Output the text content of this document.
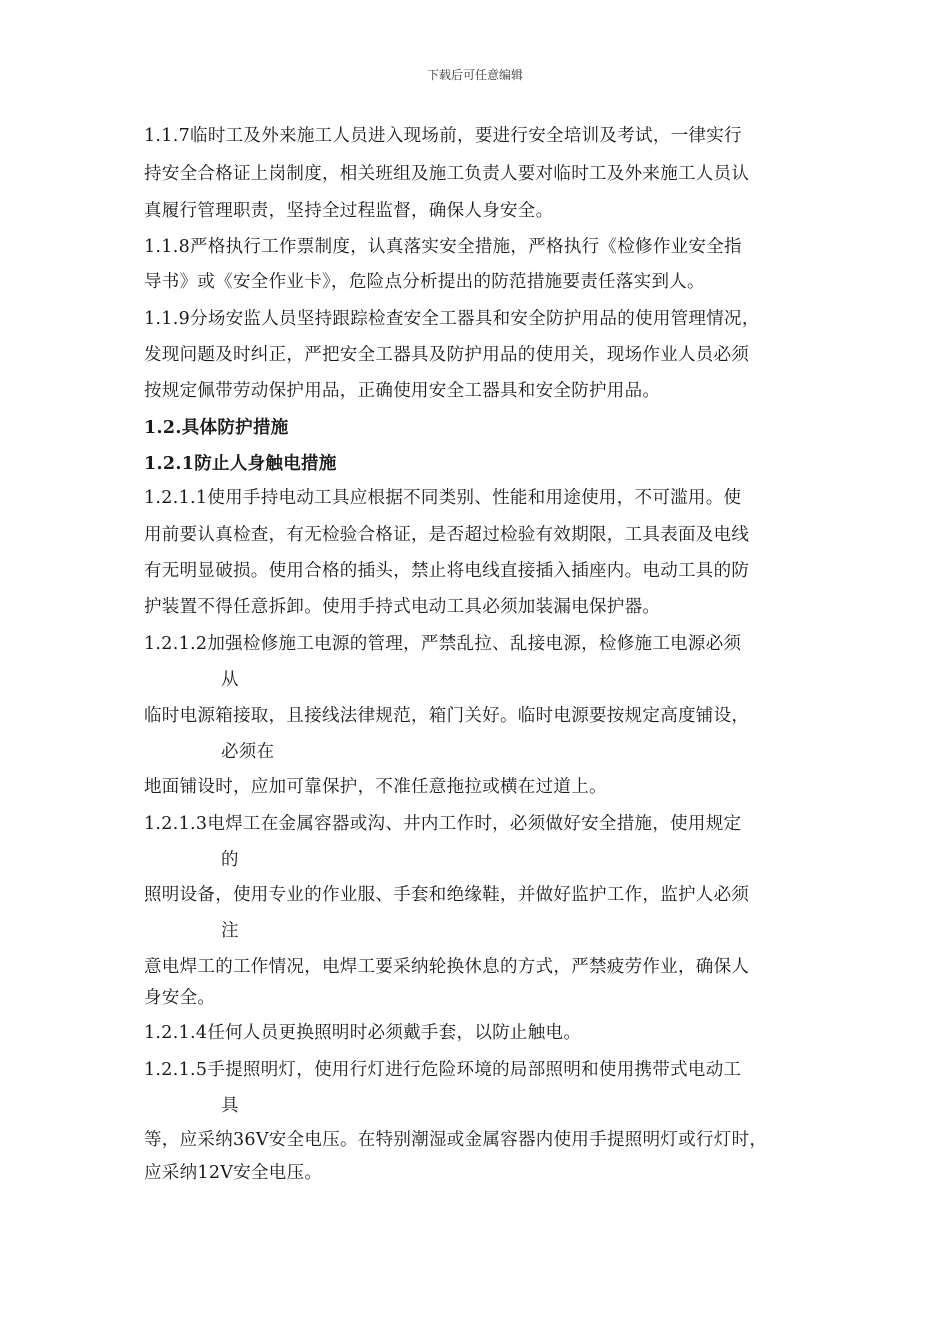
下载后可任意编辑
1.1.7临时工及外来施工人员进入现场前，要进行安全培训及考试，一律实行
持安全合格证上岗制度，相关班组及施工负责人要对临时工及外来施工人员认
真履行管理职责，坚持全过程监督，确保人身安全。
1.1.8严格执行工作票制度，认真落实安全措施，严格执行《检修作业安全指
导书》或《安全作业卡》，危险点分析提出的防范措施要责任落实到人。
1.1.9分场安监人员坚持跟踪检查安全工器具和安全防护用品的使用管理情况，
发现问题及时纠正，严把安全工器具及防护用品的使用关，现场作业人员必须
按规定佩带劳动保护用品，正确使用安全工器具和安全防护用品。
1.2.具体防护措施
1.2.1防止人身触电措施
1.2.1.1使用手持电动工具应根据不同类别、性能和用途使用，不可滥用。使
用前要认真检查，有无检验合格证，是否超过检验有效期限，工具表面及电线
有无明显破损。使用合格的插头，禁止将电线直接插入插座内。电动工具的防
护装置不得任意拆卸。使用手持式电动工具必须加装漏电保护器。
1.2.1.2加强检修施工电源的管理，严禁乱拉、乱接电源，检修施工电源必须
从
临时电源箱接取，且接线法律规范，箱门关好。临时电源要按规定高度铺设，
必须在
地面铺设时，应加可靠保护，不准任意拖拉或横在过道上。
1.2.1.3电焊工在金属容器或沟、井内工作时，必须做好安全措施，使用规定
的
照明设备，使用专业的作业服、手套和绝缘鞋，并做好监护工作，监护人必须
注
意电焊工的工作情况，电焊工要采纳轮换休息的方式，严禁疲劳作业，确保人
身安全。
1.2.1.4任何人员更换照明时必须戴手套，以防止触电。
1.2.1.5手提照明灯，使用行灯进行危险环境的局部照明和使用携带式电动工
具
等，应采纳36V安全电压。在特别潮湿或金属容器内使用手提照明灯或行灯时，
应采纳12V安全电压。
